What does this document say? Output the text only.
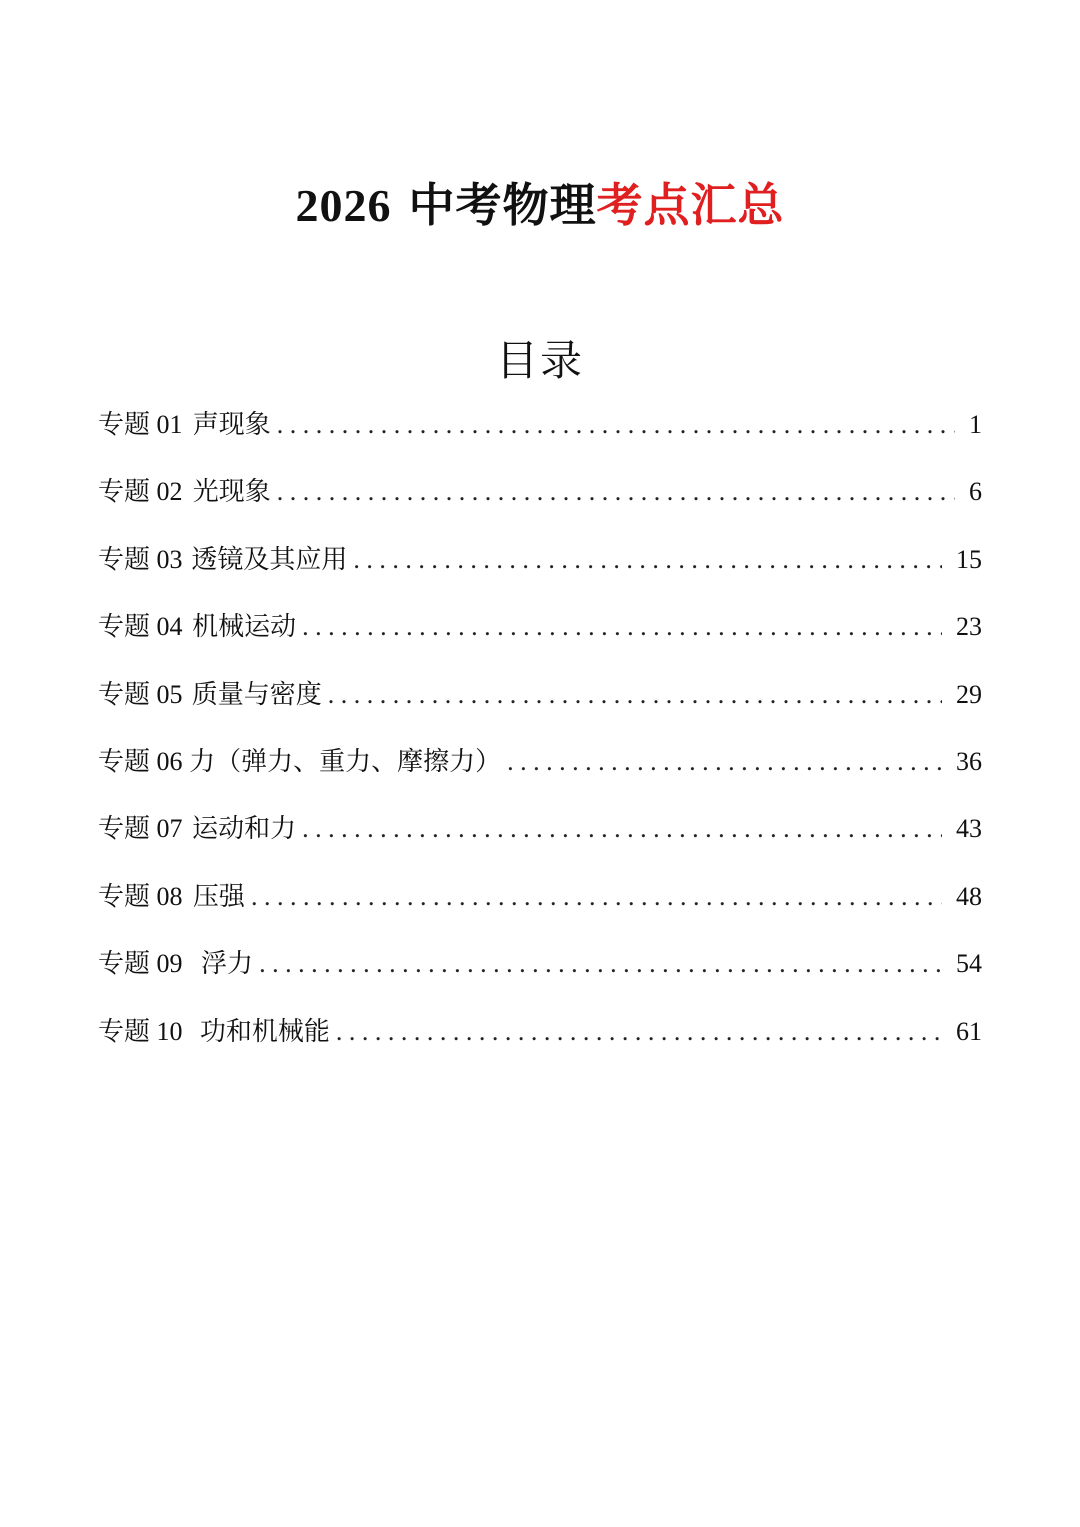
2026 中考物理考点汇总
目录
专题 01 声现象 . . .	1
专题 02 光现象 . . .	6
专题 03 透镜及其应用 . . .	15
专题 04 机械运动 . . .	23
专题 05 质量与密度 . . .	29
专题 06 力（弹力、重力、摩擦力） . . .	36
专题 07 运动和力 . . .	43
专题 08 压强 . . .	48
专题 09 浮力 . . .	54
专题 10 功和机械能 . . .	61
